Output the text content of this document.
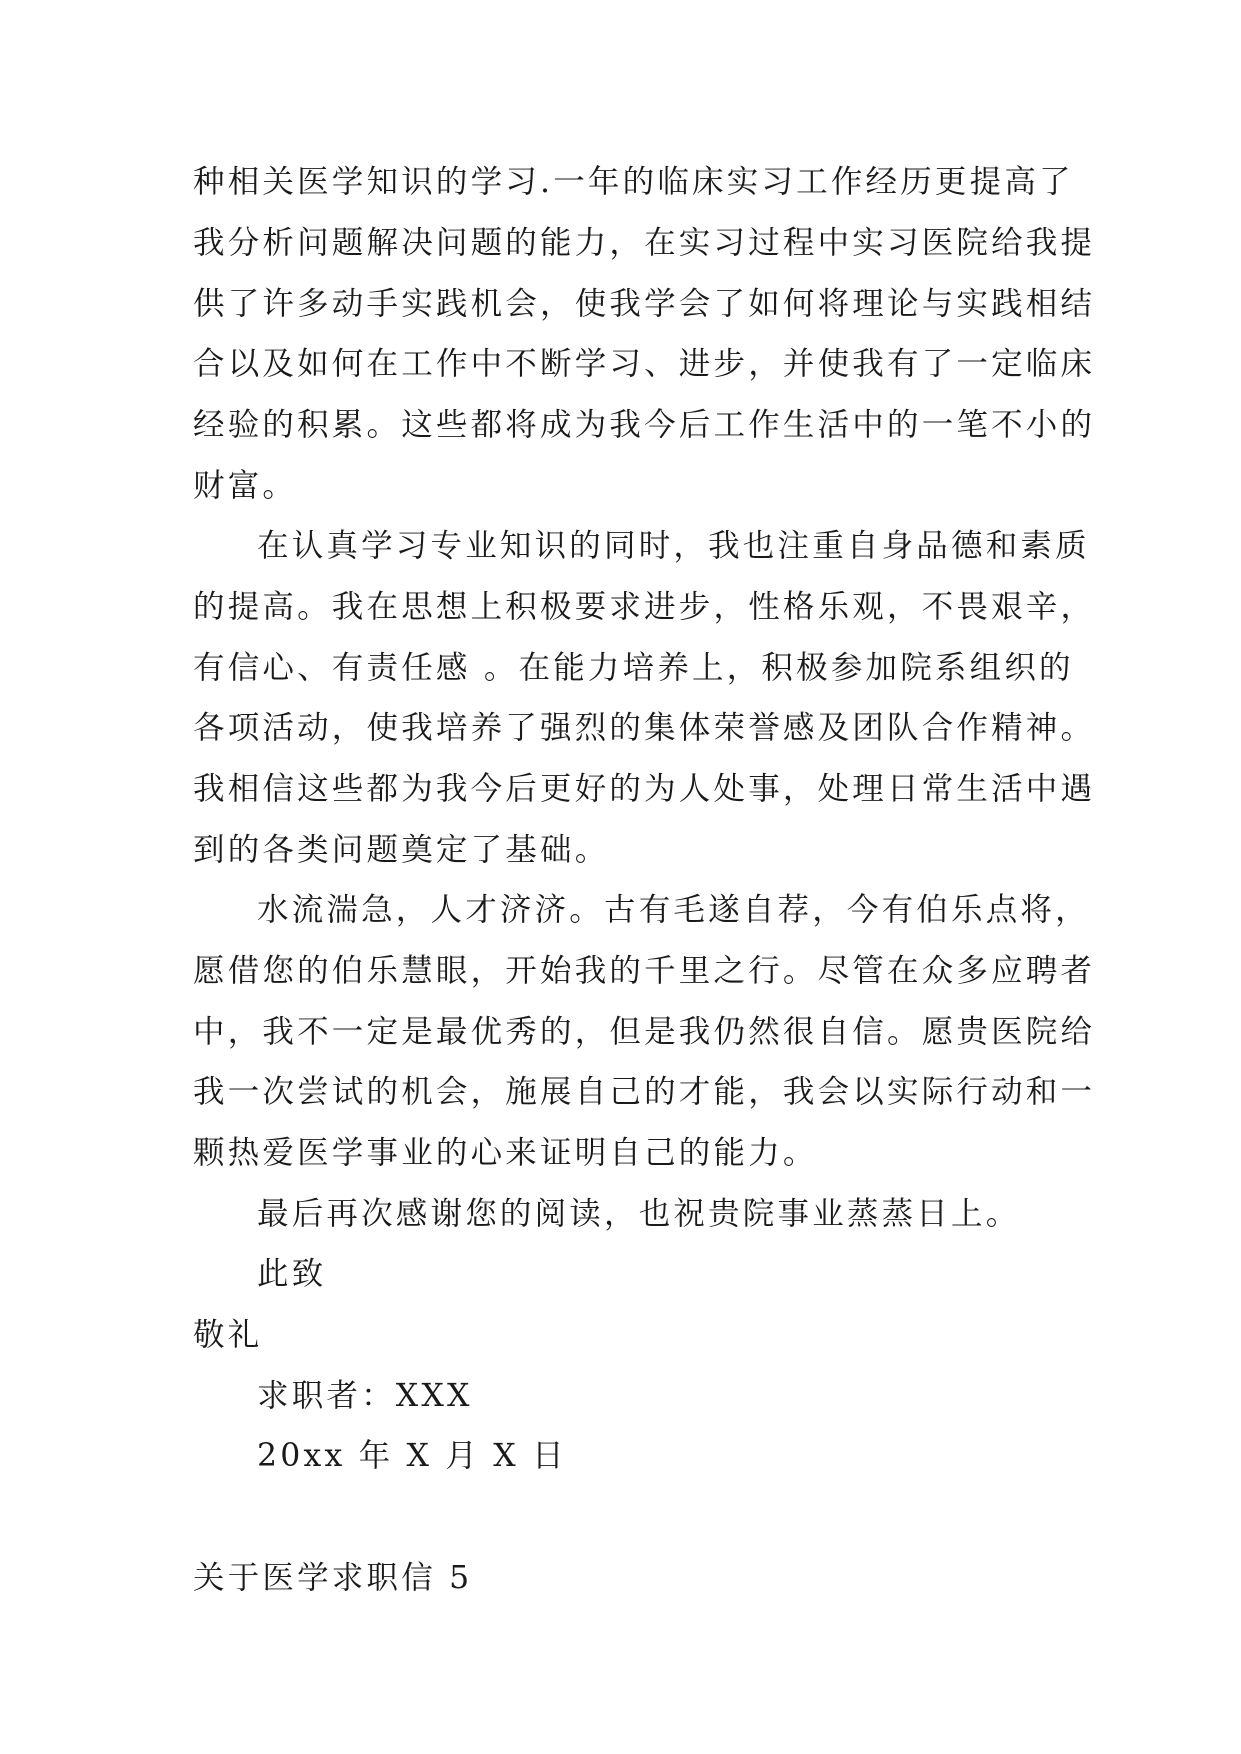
种相关医学知识的学习.一年的临床实习工作经历更提高了
我分析问题解决问题的能力，在实习过程中实习医院给我提
供了许多动手实践机会，使我学会了如何将理论与实践相结
合以及如何在工作中不断学习、进步，并使我有了一定临床
经验的积累。这些都将成为我今后工作生活中的一笔不小的
财富。
在认真学习专业知识的同时，我也注重自身品德和素质
的提高。我在思想上积极要求进步，性格乐观，不畏艰辛，
有信心、有责任感 。在能力培养上，积极参加院系组织的
各项活动，使我培养了强烈的集体荣誉感及团队合作精神。
我相信这些都为我今后更好的为人处事，处理日常生活中遇
到的各类问题奠定了基础。
水流湍急，人才济济。古有毛遂自荐，今有伯乐点将，
愿借您的伯乐慧眼，开始我的千里之行。尽管在众多应聘者
中，我不一定是最优秀的，但是我仍然很自信。愿贵医院给
我一次尝试的机会，施展自己的才能，我会以实际行动和一
颗热爱医学事业的心来证明自己的能力。
最后再次感谢您的阅读，也祝贵院事业蒸蒸日上。
此致
敬礼
求职者：XXX
20xx 年 X 月 X 日
关于医学求职信 5
